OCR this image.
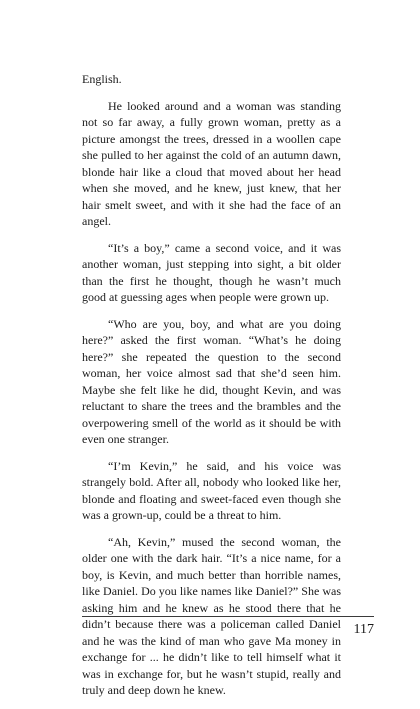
English.

He looked around and a woman was standing not so far away, a fully grown woman, pretty as a picture amongst the trees, dressed in a woollen cape she pulled to her against the cold of an autumn dawn, blonde hair like a cloud that moved about her head when she moved, and he knew, just knew, that her hair smelt sweet, and with it she had the face of an angel.

“It’s a boy,” came a second voice, and it was another woman, just stepping into sight, a bit older than the first he thought, though he wasn’t much good at guessing ages when people were grown up.

“Who are you, boy, and what are you doing here?” asked the first woman. “What’s he doing here?” she repeated the question to the second woman, her voice almost sad that she’d seen him. Maybe she felt like he did, thought Kevin, and was reluctant to share the trees and the brambles and the overpowering smell of the world as it should be with even one stranger.

“I’m Kevin,” he said, and his voice was strangely bold. After all, nobody who looked like her, blonde and floating and sweet-faced even though she was a grown-up, could be a threat to him.

“Ah, Kevin,” mused the second woman, the older one with the dark hair. “It’s a nice name, for a boy, is Kevin, and much better than horrible names, like Daniel. Do you like names like Daniel?” She was asking him and he knew as he stood there that he didn’t because there was a policeman called Daniel and he was the kind of man who gave Ma money in exchange for ... he didn’t like to tell himself what it was in exchange for, but he wasn’t stupid, really and truly and deep down he knew.

117
